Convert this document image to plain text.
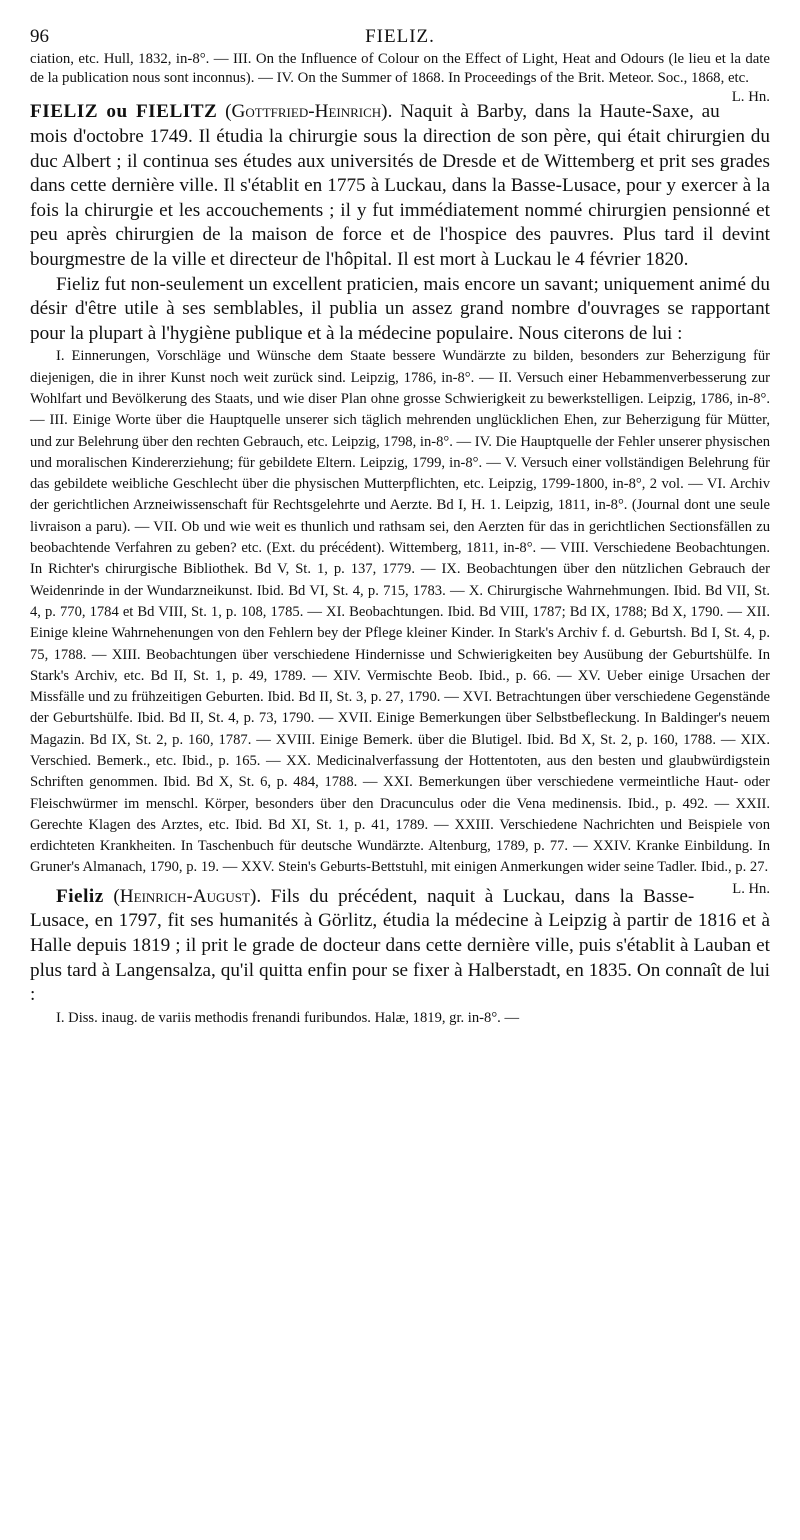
96	FIELIZ.

ciation, etc. Hull, 1832, in-8°. — III. On the Influence of Colour on the Effect of Light, Heat and Odours (le lieu et la date de la publication nous sont inconnus). — IV. On the Summer of 1868. In Proceedings of the Brit. Meteor. Soc., 1868, etc.
L. Hn.

FIELIZ ou FIELITZ (Gottfried-Heinrich). Naquit à Barby, dans la Haute-Saxe, au mois d'octobre 1749. Il étudia la chirurgie sous la direction de son père, qui était chirurgien du duc Albert ; il continua ses études aux universités de Dresde et de Wittemberg et prit ses grades dans cette dernière ville. Il s'établit en 1775 à Luckau, dans la Basse-Lusace, pour y exercer à la fois la chirurgie et les accouchements ; il y fut immédiatement nommé chirurgien pensionné et peu après chirurgien de la maison de force et de l'hospice des pauvres. Plus tard il devint bourgmestre de la ville et directeur de l'hôpital. Il est mort à Luckau le 4 février 1820.

Fieliz fut non-seulement un excellent praticien, mais encore un savant; uniquement animé du désir d'être utile à ses semblables, il publia un assez grand nombre d'ouvrages se rapportant pour la plupart à l'hygiène publique et à la médecine populaire. Nous citerons de lui :

I. Einnerungen, Vorschläge und Wünsche dem Staate bessere Wundärzte zu bilden, besonders zur Beherzigung für diejenigen, die in ihrer Kunst noch weit zurück sind. Leipzig, 1786, in-8°. — II. Versuch einer Hebammenverbesserung zur Wohlfart und Bevölkerung des Staats, und wie diser Plan ohne grosse Schwierigkeit zu bewerkstelligen. Leipzig, 1786, in-8°. — III. Einige Worte über die Hauptquelle unserer sich täglich mehrenden unglücklichen Ehen, zur Beherzigung für Mütter, und zur Belehrung über den rechten Gebrauch, etc. Leipzig, 1798, in-8°. — IV. Die Hauptquelle der Fehler unserer physischen und moralischen Kindererziehung; für gebildete Eltern. Leipzig, 1799, in-8°. — V. Versuch einer vollständigen Belehrung für das gebildete weibliche Geschlecht über die physischen Mutterpflichten, etc. Leipzig, 1799-1800, in-8°, 2 vol. — VI. Archiv der gerichtlichen Arzneiwissenschaft für Rechtsgelehrte und Aerzte. Bd I, H. 1. Leipzig, 1811, in-8°. (Journal dont une seule livraison a paru). — VII. Ob und wie weit es thunlich und rathsam sei, den Aerzten für das in gerichtlichen Sectionsfällen zu beobachtende Verfahren zu geben? etc. (Ext. du précédent). Wittemberg, 1811, in-8°. — VIII. Verschiedene Beobachtungen. In Richter's chirurgische Bibliothek. Bd V, St. 1, p. 137, 1779. — IX. Beobachtungen über den nützlichen Gebrauch der Weidenrinde in der Wundarzneikunst. Ibid. Bd VI, St. 4, p. 715, 1783. — X. Chirurgische Wahrnehmungen. Ibid. Bd VII, St. 4, p. 770, 1784 et Bd VIII, St. 1, p. 108, 1785. — XI. Beobachtungen. Ibid. Bd VIII, 1787; Bd IX, 1788; Bd X, 1790. — XII. Einige kleine Wahrnehenungen von den Fehlern bey der Pflege kleiner Kinder. In Stark's Archiv f. d. Geburtsh. Bd I, St. 4, p. 75, 1788. — XIII. Beobachtungen über verschiedene Hindernisse und Schwierigkeiten bey Ausübung der Geburtshülfe. In Stark's Archiv, etc. Bd II, St. 1, p. 49, 1789. — XIV. Vermischte Beob. Ibid., p. 66. — XV. Ueber einige Ursachen der Missfälle und zu frühzeitigen Geburten. Ibid. Bd II, St. 3, p. 27, 1790. — XVI. Betrachtungen über verschiedene Gegenstände der Geburtshülfe. Ibid. Bd II, St. 4, p. 73, 1790. — XVII. Einige Bemerkungen über Selbstbefleckung. In Baldinger's neuem Magazin. Bd IX, St. 2, p. 160, 1787. — XVIII. Einige Bemerk. über die Blutigel. Ibid. Bd X, St. 2, p. 160, 1788. — XIX. Verschied. Bemerk., etc. Ibid., p. 165. — XX. Medicinalverfassung der Hottentoten, aus den besten und glaubwürdigstein Schriften genommen. Ibid. Bd X, St. 6, p. 484, 1788. — XXI. Bemerkungen über verschiedene vermeintliche Haut- oder Fleischwürmer im menschl. Körper, besonders über den Dracunculus oder die Vena medinensis. Ibid., p. 492. — XXII. Gerechte Klagen des Arztes, etc. Ibid. Bd XI, St. 1, p. 41, 1789. — XXIII. Verschiedene Nachrichten und Beispiele von erdichteten Krankheiten. In Taschenbuch für deutsche Wundärzte. Altenburg, 1789, p. 77. — XXIV. Kranke Einbildung. In Gruner's Almanach, 1790, p. 19. — XXV. Stein's Geburts-Bettstuhl, mit einigen Anmerkungen wider seine Tadler. Ibid., p. 27.
L. Hn.

Fieliz (Heinrich-August). Fils du précédent, naquit à Luckau, dans la Basse-Lusace, en 1797, fit ses humanités à Görlitz, étudia la médecine à Leipzig à partir de 1816 et à Halle depuis 1819 ; il prit le grade de docteur dans cette dernière ville, puis s'établit à Lauban et plus tard à Langensalza, qu'il quitta enfin pour se fixer à Halberstadt, en 1835. On connaît de lui :

I. Diss. inaug. de variis methodis frenandi furibundos. Halæ, 1819, gr. in-8°. —
